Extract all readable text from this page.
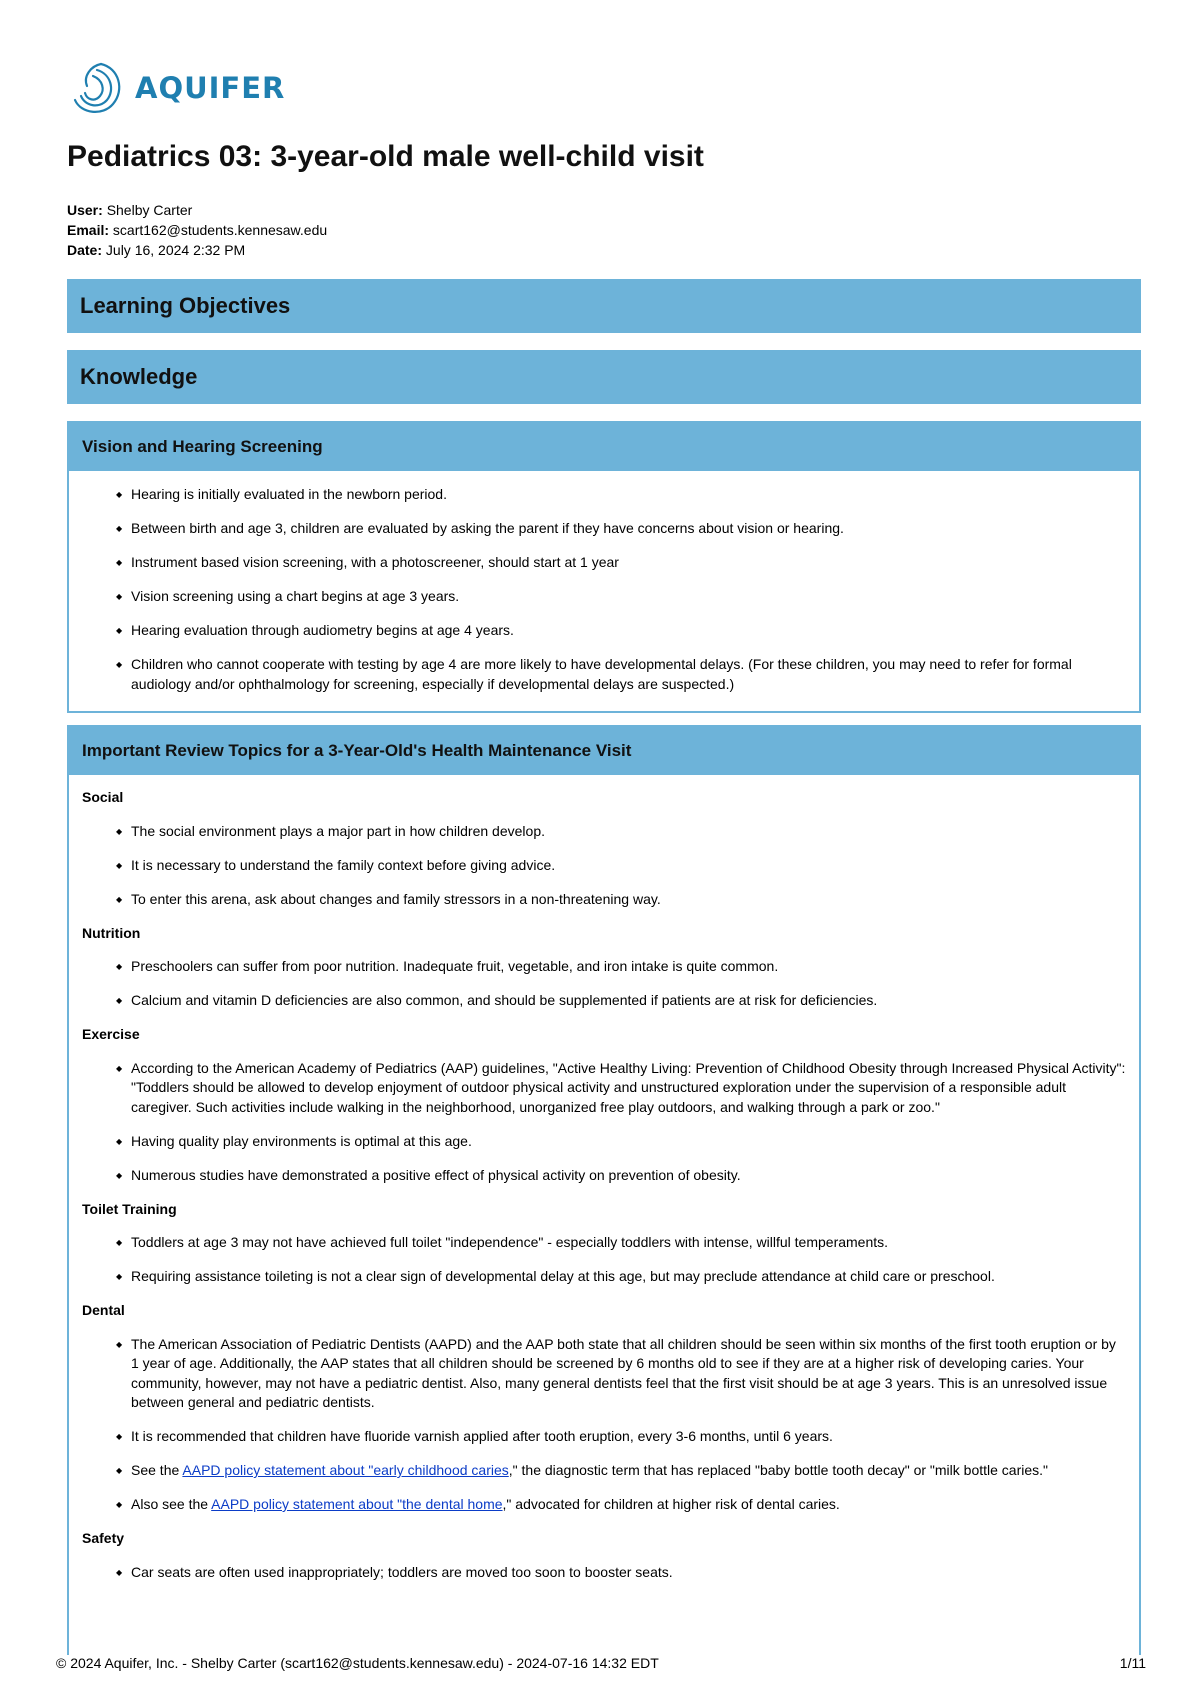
AQUIFER
Pediatrics 03: 3-year-old male well-child visit
User: Shelby Carter
Email: scart162@students.kennesaw.edu
Date: July 16, 2024 2:32 PM
Learning Objectives
Knowledge
Vision and Hearing Screening
◆ Hearing is initially evaluated in the newborn period.
◆ Between birth and age 3, children are evaluated by asking the parent if they have concerns about vision or hearing.
◆ Instrument based vision screening, with a photoscreener, should start at 1 year
◆ Vision screening using a chart begins at age 3 years.
◆ Hearing evaluation through audiometry begins at age 4 years.
◆ Children who cannot cooperate with testing by age 4 are more likely to have developmental delays. (For these children, you may need to refer for formal audiology and/or ophthalmology for screening, especially if developmental delays are suspected.)
Important Review Topics for a 3-Year-Old's Health Maintenance Visit
Social
◆ The social environment plays a major part in how children develop.
◆ It is necessary to understand the family context before giving advice.
◆ To enter this arena, ask about changes and family stressors in a non-threatening way.
Nutrition
◆ Preschoolers can suffer from poor nutrition. Inadequate fruit, vegetable, and iron intake is quite common.
◆ Calcium and vitamin D deficiencies are also common, and should be supplemented if patients are at risk for deficiencies.
Exercise
◆ According to the American Academy of Pediatrics (AAP) guidelines, "Active Healthy Living: Prevention of Childhood Obesity through Increased Physical Activity": "Toddlers should be allowed to develop enjoyment of outdoor physical activity and unstructured exploration under the supervision of a responsible adult caregiver. Such activities include walking in the neighborhood, unorganized free play outdoors, and walking through a park or zoo."
◆ Having quality play environments is optimal at this age.
◆ Numerous studies have demonstrated a positive effect of physical activity on prevention of obesity.
Toilet Training
◆ Toddlers at age 3 may not have achieved full toilet "independence" - especially toddlers with intense, willful temperaments.
◆ Requiring assistance toileting is not a clear sign of developmental delay at this age, but may preclude attendance at child care or preschool.
Dental
◆ The American Association of Pediatric Dentists (AAPD) and the AAP both state that all children should be seen within six months of the first tooth eruption or by 1 year of age. Additionally, the AAP states that all children should be screened by 6 months old to see if they are at a higher risk of developing caries. Your community, however, may not have a pediatric dentist. Also, many general dentists feel that the first visit should be at age 3 years. This is an unresolved issue between general and pediatric dentists.
◆ It is recommended that children have fluoride varnish applied after tooth eruption, every 3-6 months, until 6 years.
◆ See the AAPD policy statement about "early childhood caries," the diagnostic term that has replaced "baby bottle tooth decay" or "milk bottle caries."
◆ Also see the AAPD policy statement about "the dental home," advocated for children at higher risk of dental caries.
Safety
◆ Car seats are often used inappropriately; toddlers are moved too soon to booster seats.
© 2024 Aquifer, Inc. - Shelby Carter (scart162@students.kennesaw.edu) - 2024-07-16 14:32 EDT	1/11
